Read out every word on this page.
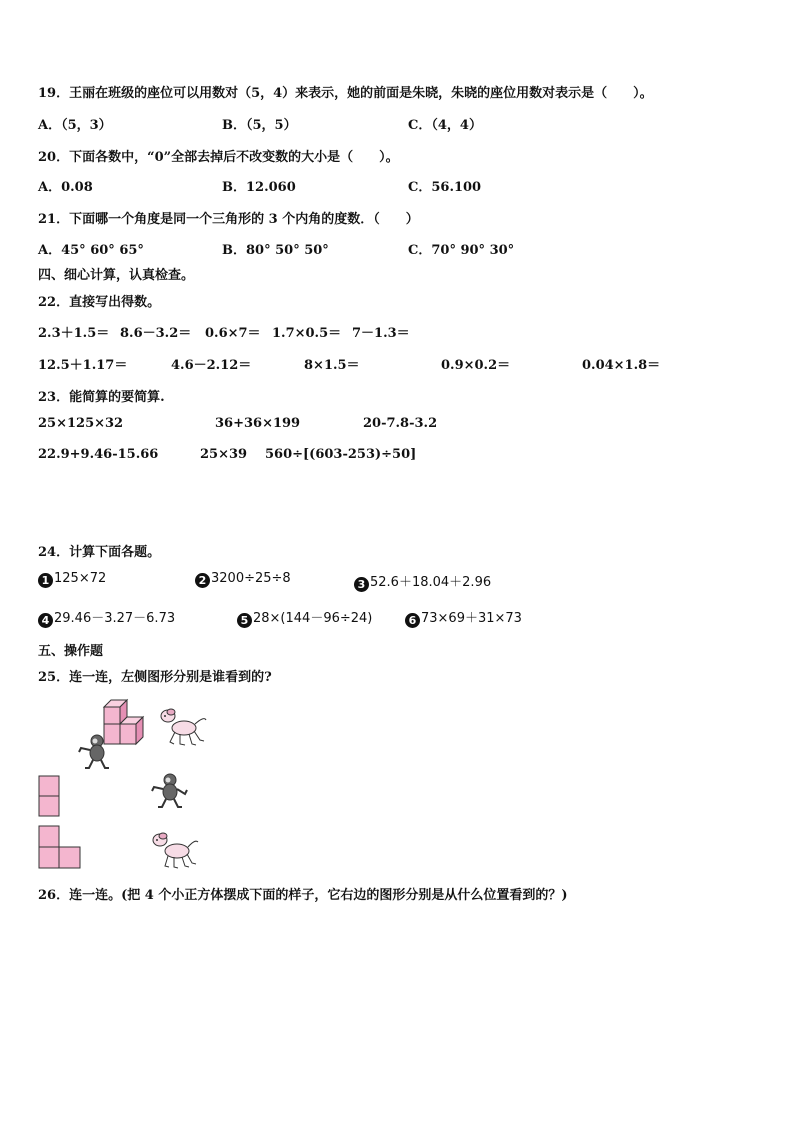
19．王丽在班级的座位可以用数对（5，4）来表示，她的前面是朱晓，朱晓的座位用数对表示是（　　）。
A．（5，3）	B．（5，5）	C．（4，4）
20．下面各数中，“0”全部去掉后不改变数的大小是（　　）。
A．0.08	B．12.060	C．56.100
21．下面哪一个角度是同一个三角形的 3 个内角的度数．（　　）
A．45° 60° 65°	B．80° 50° 50°	C．70° 90° 30°
四、细心计算，认真检查。
22．直接写出得数。
2.3＋1.5＝ 8.6－3.2＝ 0.6×7＝ 1.7×0.5＝ 7－1.3＝
12.5＋1.17＝	4.6－2.12＝	8×1.5＝	0.9×0.2＝	0.04×1.8＝
23．能简算的要简算.
25×125×32	36+36×199	20-7.8-3.2
22.9+9.46-15.66	25×39 560÷[(603-253)÷50]
24．计算下面各题。
1 125×72	2 3200÷25÷8	3 52.6＋18.04＋2.96
4 29.46－3.27－6.73	5 28×(144－96÷24)	6 73×69＋31×73
五、操作题
25．连一连，左侧图形分别是谁看到的?
26．连一连。(把 4 个小正方体摆成下面的样子，它右边的图形分别是从什么位置看到的？)
